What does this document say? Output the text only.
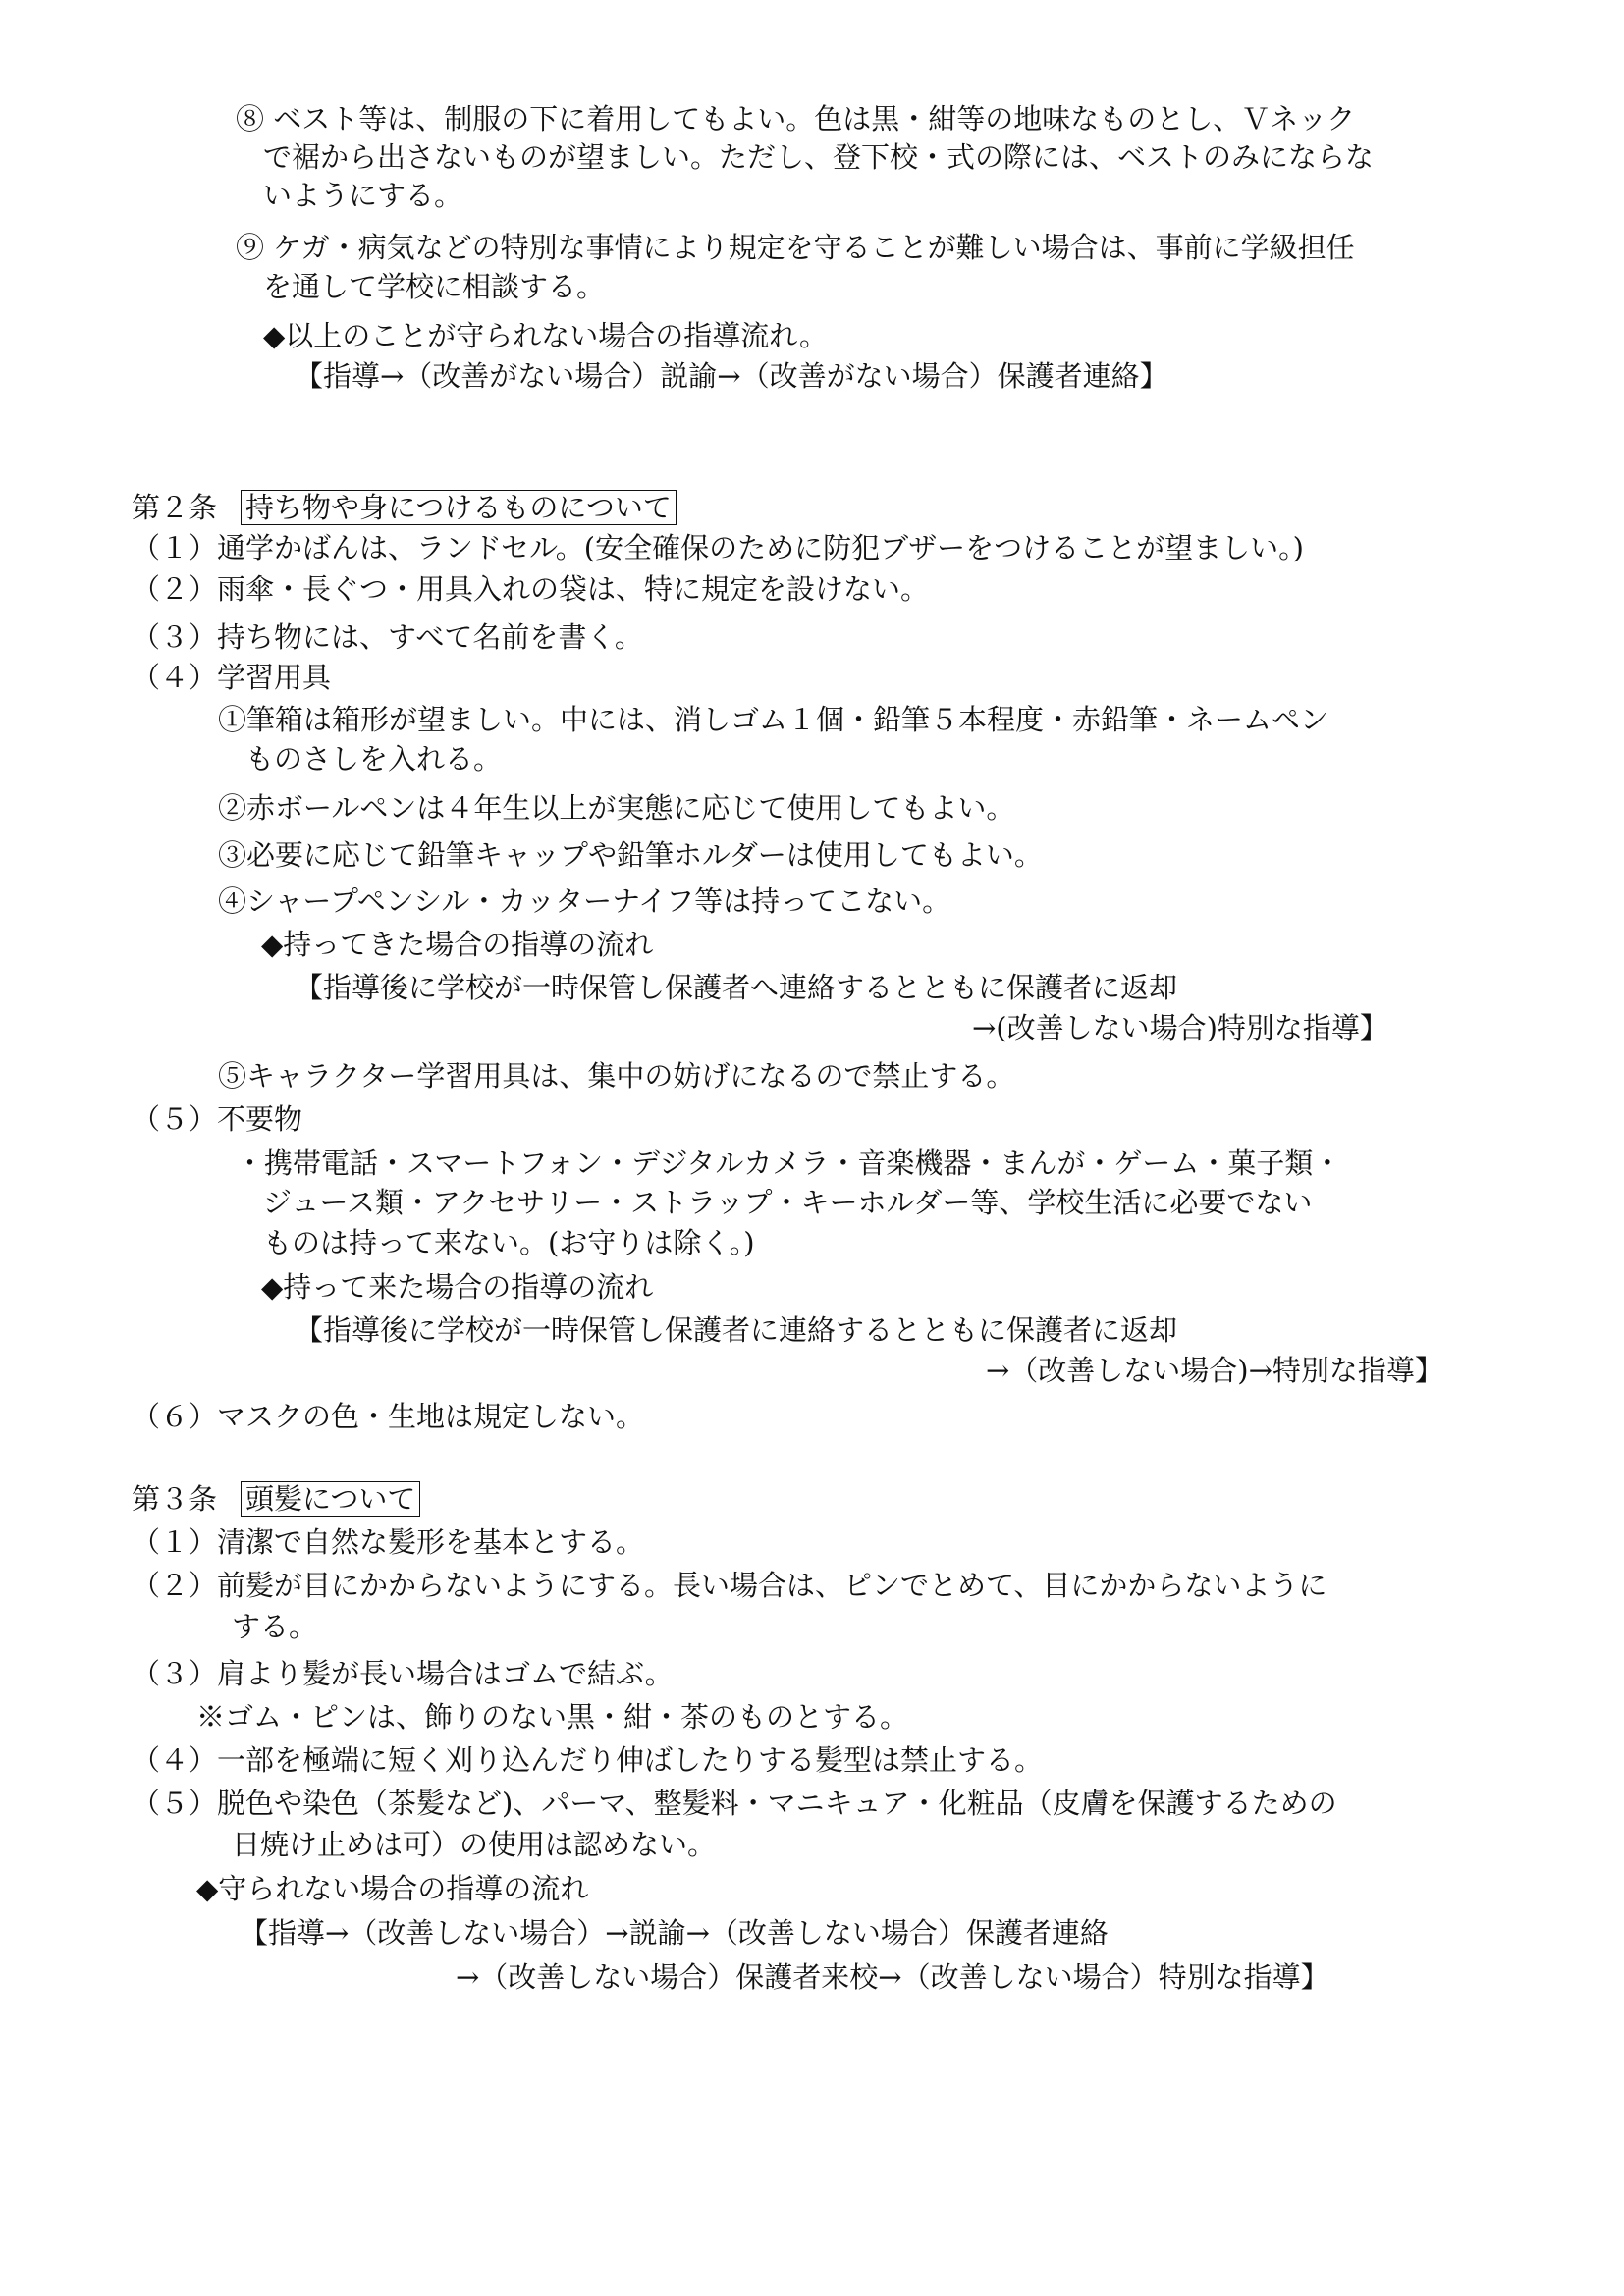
⑧ ベスト等は、制服の下に着用してもよい。色は黒・紺等の地味なものとし、Ｖネック
で裾から出さないものが望ましい。ただし、登下校・式の際には、ベストのみにならな
いようにする。
⑨ ケガ・病気などの特別な事情により規定を守ることが難しい場合は、事前に学級担任
を通して学校に相談する。
◆以上のことが守られない場合の指導流れ。
【指導→（改善がない場合）説諭→（改善がない場合）保護者連絡】
第２条 持ち物や身につけるものについて
（１）通学かばんは、ランドセル。(安全確保のために防犯ブザーをつけることが望ましい。)
（２）雨傘・長ぐつ・用具入れの袋は、特に規定を設けない。
（３）持ち物には、すべて名前を書く。
（４）学習用具
①筆箱は箱形が望ましい。中には、消しゴム１個・鉛筆５本程度・赤鉛筆・ネームペン
ものさしを入れる。
②赤ボールペンは４年生以上が実態に応じて使用してもよい。
③必要に応じて鉛筆キャップや鉛筆ホルダーは使用してもよい。
④シャープペンシル・カッターナイフ等は持ってこない。
◆持ってきた場合の指導の流れ
【指導後に学校が一時保管し保護者へ連絡するとともに保護者に返却
→(改善しない場合)特別な指導】
⑤キャラクター学習用具は、集中の妨げになるので禁止する。
（５）不要物
・携帯電話・スマートフォン・デジタルカメラ・音楽機器・まんが・ゲーム・菓子類・
ジュース類・アクセサリー・ストラップ・キーホルダー等、学校生活に必要でない
ものは持って来ない。(お守りは除く。)
◆持って来た場合の指導の流れ
【指導後に学校が一時保管し保護者に連絡するとともに保護者に返却
→（改善しない場合)→特別な指導】
（６）マスクの色・生地は規定しない。
第３条 頭髪について
（１）清潔で自然な髪形を基本とする。
（２）前髪が目にかからないようにする。長い場合は、ピンでとめて、目にかからないように
する。
（３）肩より髪が長い場合はゴムで結ぶ。
※ゴム・ピンは、飾りのない黒・紺・茶のものとする。
（４）一部を極端に短く刈り込んだり伸ばしたりする髪型は禁止する。
（５）脱色や染色（茶髪など)、パーマ、整髪料・マニキュア・化粧品（皮膚を保護するための
日焼け止めは可）の使用は認めない。
◆守られない場合の指導の流れ
【指導→（改善しない場合）→説諭→（改善しない場合）保護者連絡
→（改善しない場合）保護者来校→（改善しない場合）特別な指導】
